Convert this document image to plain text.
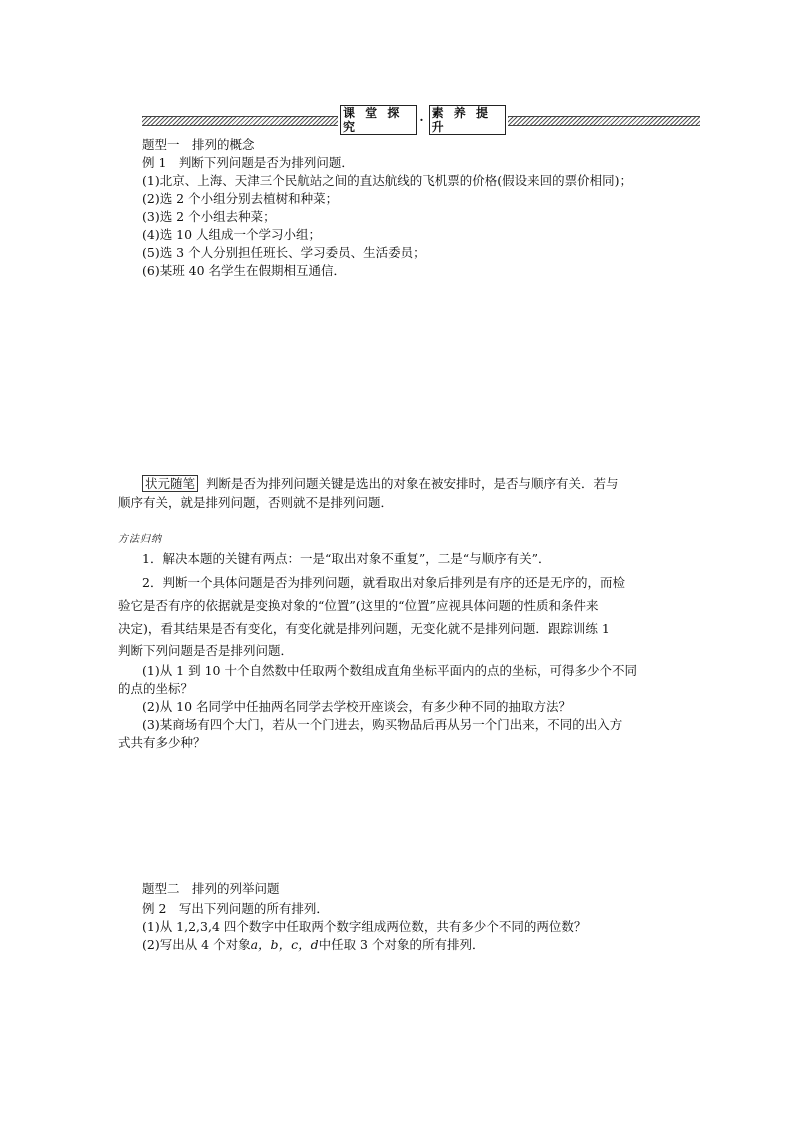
课 堂 探 究	· 素 养 提 升
题型一　排列的概念
例 1　判断下列问题是否为排列问题．
(1)北京、上海、天津三个民航站之间的直达航线的飞机票的价格(假设来回的票价相同)；
(2)选 2 个小组分别去植树和种菜；
(3)选 2 个小组去种菜；
(4)选 10 人组成一个学习小组；
(5)选 3 个人分别担任班长、学习委员、生活委员；
(6)某班 40 名学生在假期相互通信．
状元随笔 判断是否为排列问题关键是选出的对象在被安排时，是否与顺序有关．若与
顺序有关，就是排列问题，否则就不是排列问题．
方法归纳
1．解决本题的关键有两点：一是“取出对象不重复”，二是“与顺序有关”．
2．判断一个具体问题是否为排列问题，就看取出对象后排列是有序的还是无序的，而检
验它是否有序的依据就是变换对象的“位置”(这里的“位置”应视具体问题的性质和条件来
决定)，看其结果是否有变化，有变化就是排列问题，无变化就不是排列问题．跟踪训练 1
判断下列问题是否是排列问题．
(1)从 1 到 10 十个自然数中任取两个数组成直角坐标平面内的点的坐标，可得多少个不同
的点的坐标？
(2)从 10 名同学中任抽两名同学去学校开座谈会，有多少种不同的抽取方法？
(3)某商场有四个大门，若从一个门进去，购买物品后再从另一个门出来，不同的出入方
式共有多少种？
题型二　排列的列举问题
例 2　写出下列问题的所有排列．
(1)从 1,2,3,4 四个数字中任取两个数字组成两位数，共有多少个不同的两位数？
(2)写出从 4 个对象a，b，c，d中任取 3 个对象的所有排列．
